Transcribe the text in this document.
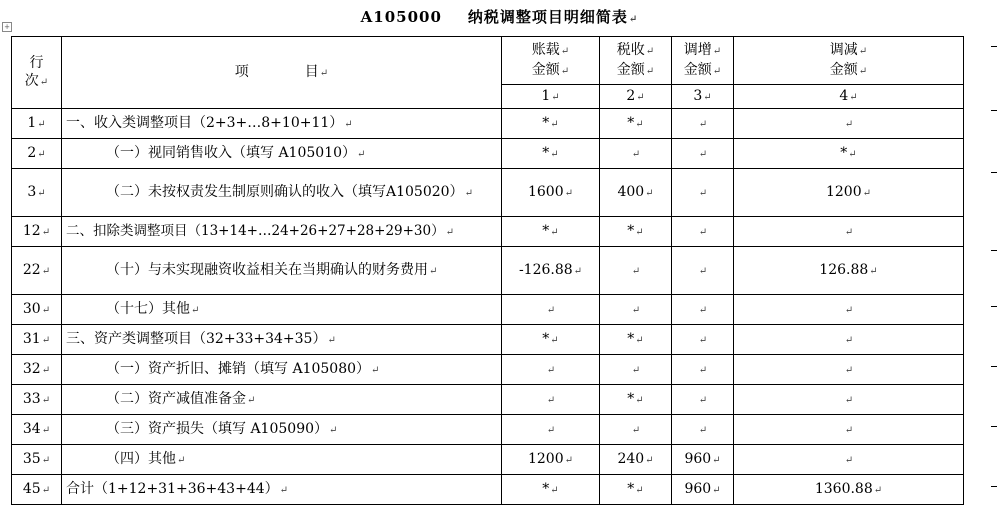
+
A105000 纳税调整项目明细简表 ↵
行
次 ↵	项　　　　目 ↵	账载 ↵
金额 ↵	税收 ↵
金额 ↵	调增 ↵
金额 ↵	调减 ↵
金额 ↵

		1 ↵	2 ↵	3 ↵	4 ↵
1 ↵	一、收入类调整项目（2+3+…8+10+11） ↵	* ↵	* ↵	↵	↵
2 ↵	（一）视同销售收入（填写 A105010） ↵	* ↵	↵	↵	* ↵
3 ↵	（二）未按权责发生制原则确认的收入（填写A105020） ↵	1600 ↵	400 ↵	↵	1200 ↵
12 ↵	二、扣除类调整项目（13+14+…24+26+27+28+29+30） ↵	* ↵	* ↵	↵	↵
22 ↵	（十）与未实现融资收益相关在当期确认的财务费用 ↵	-126.88 ↵	↵	↵	126.88 ↵
30 ↵	（十七）其他 ↵	↵	↵	↵	↵
31 ↵	三、资产类调整项目（32+33+34+35） ↵	* ↵	* ↵	↵	↵
32 ↵	（一）资产折旧、摊销（填写 A105080） ↵	↵	↵	↵	↵
33 ↵	（二）资产减值准备金 ↵	↵	* ↵	↵	↵
34 ↵	（三）资产损失（填写 A105090） ↵	↵	↵	↵	↵
35 ↵	（四）其他 ↵	1200 ↵	240 ↵	960 ↵	↵
45 ↵	合计（1+12+31+36+43+44） ↵	* ↵	* ↵	960 ↵	1360.88 ↵
